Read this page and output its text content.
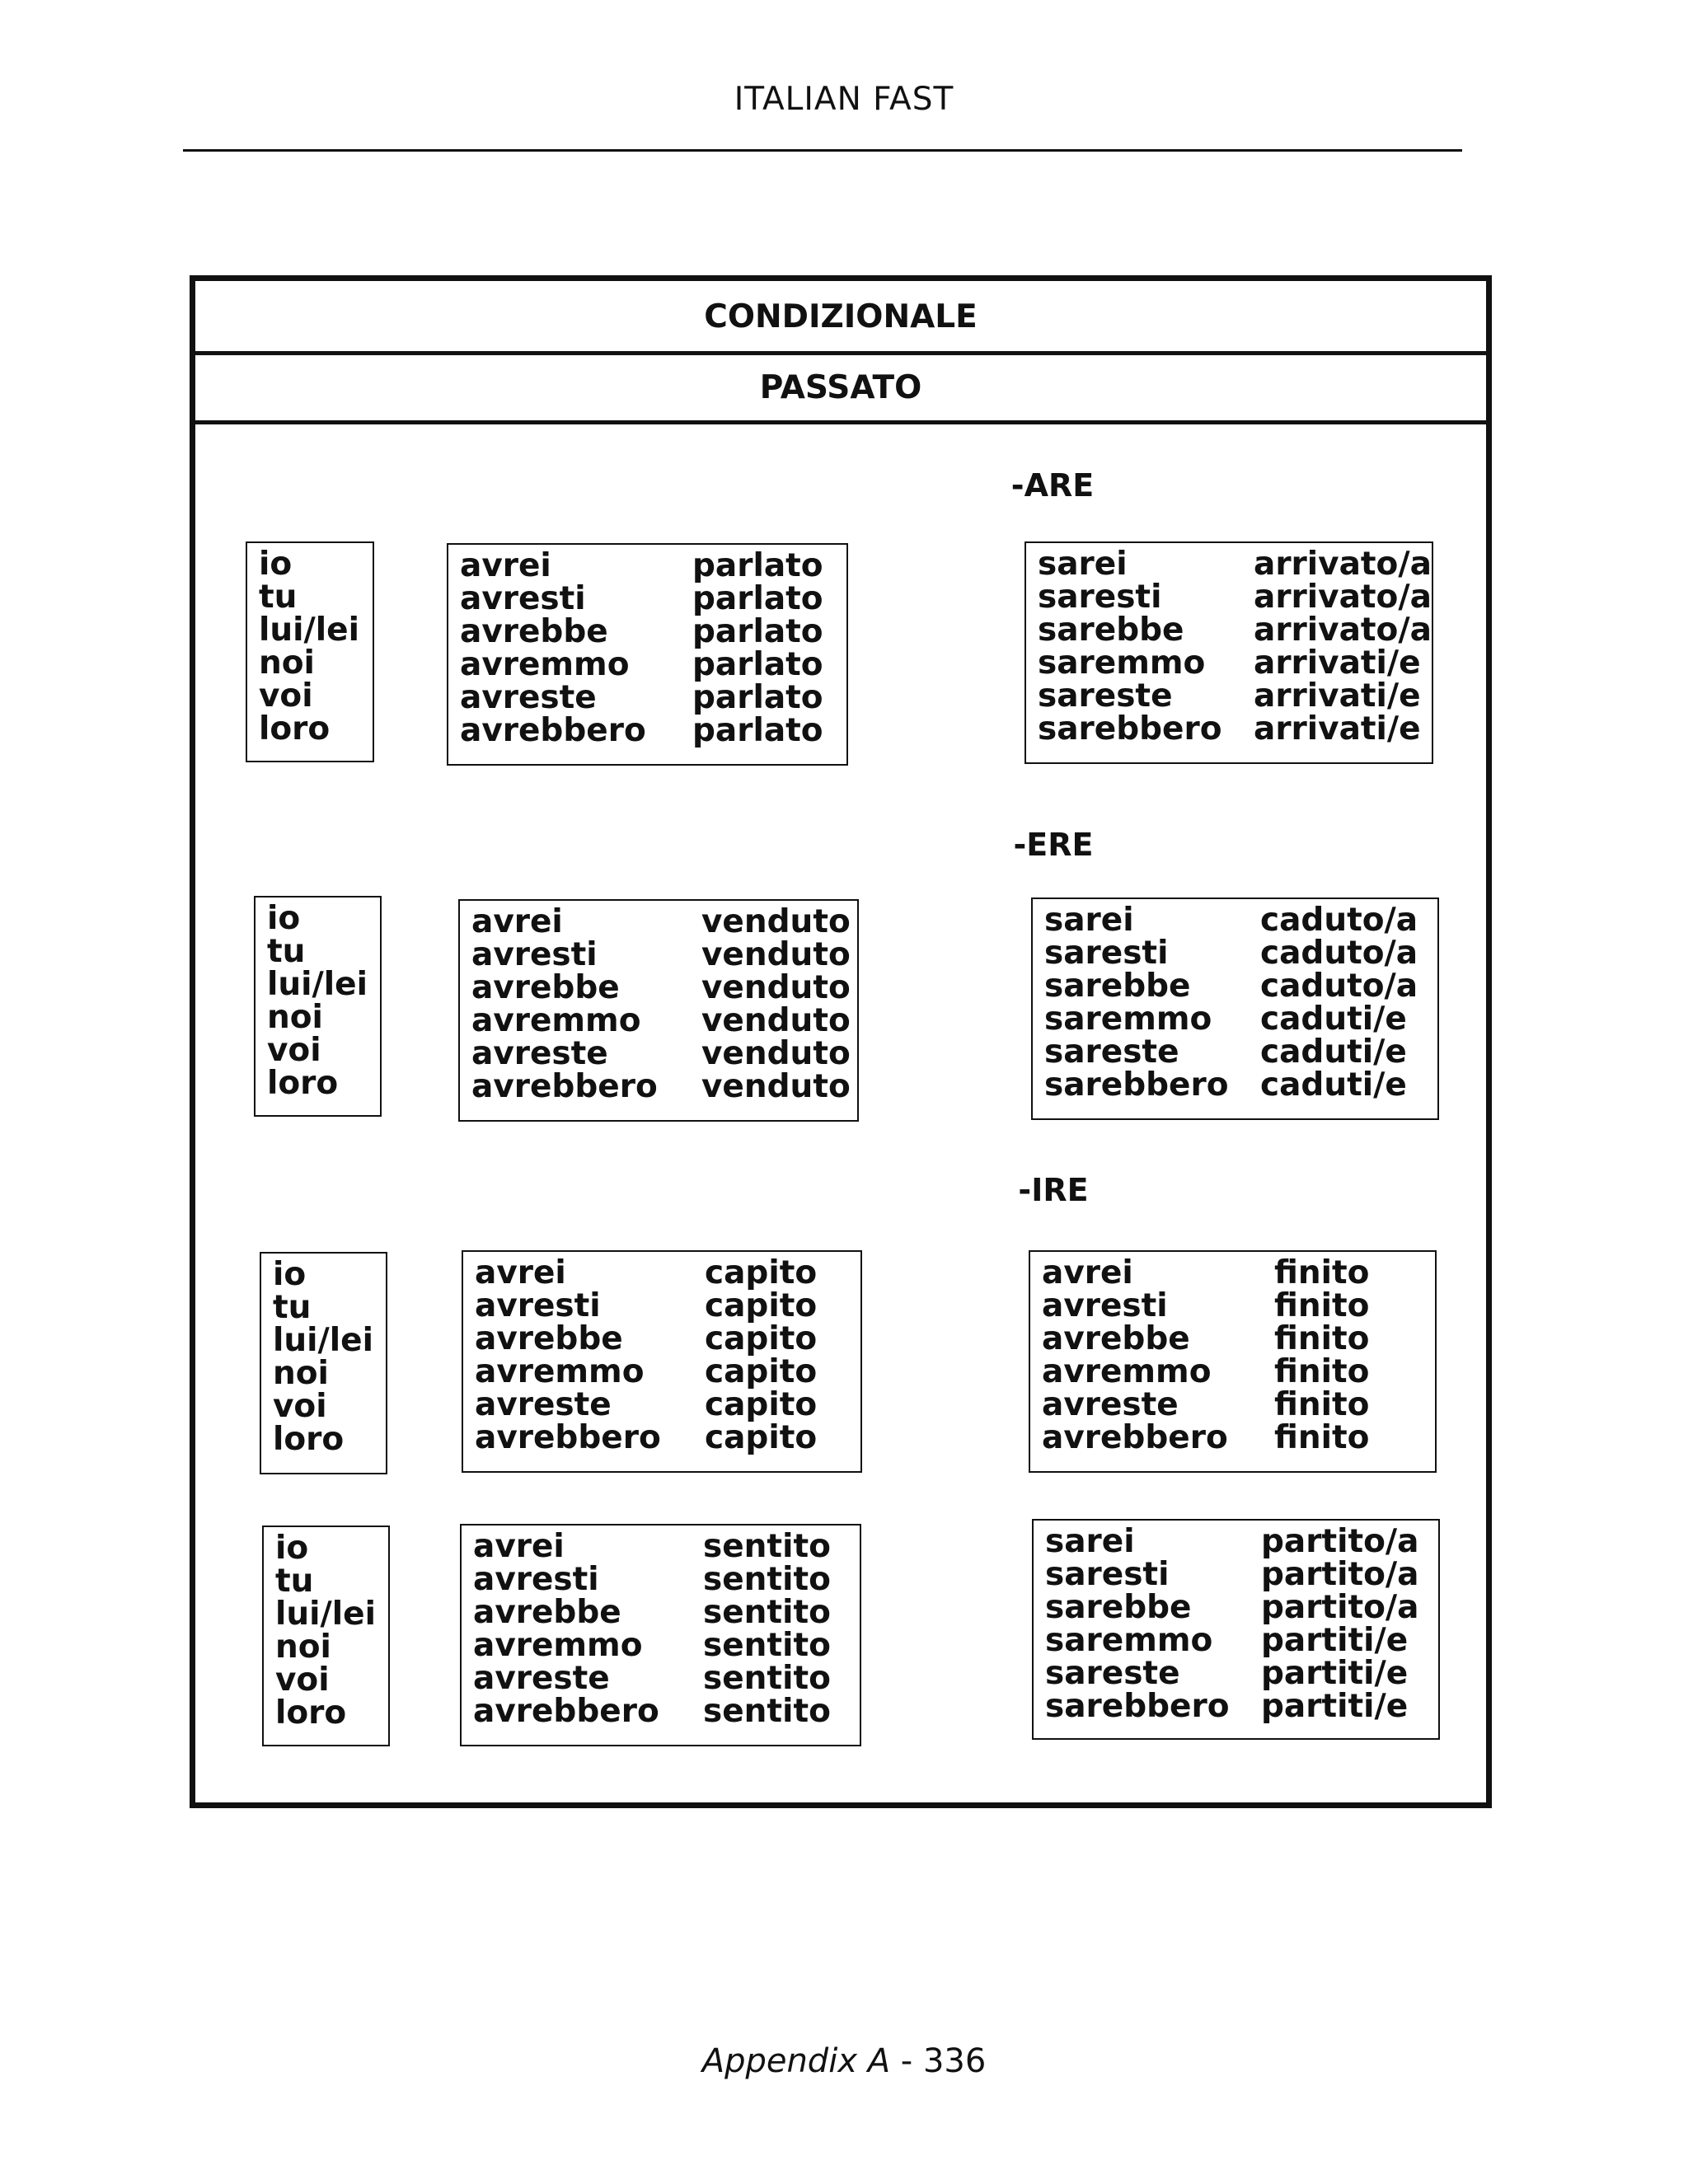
ITALIAN FAST
CONDIZIONALE
PASSATO
-ARE
io
tu
lui/lei
noi
voi
loro
avrei	parlato
avresti	parlato
avrebbe	parlato
avremmo	parlato
avreste	parlato
avrebbero	parlato
sarei	arrivato/a
saresti	arrivato/a
sarebbe	arrivato/a
saremmo	arrivati/e
sareste	arrivati/e
sarebbero arrivati/e
-ERE
io
tu
lui/lei
noi
voi
loro
avrei	venduto
avresti	venduto
avrebbe	venduto
avremmo	venduto
avreste	venduto
avrebbero	venduto
sarei	caduto/a
saresti	caduto/a
sarebbe	caduto/a
saremmo	caduti/e
sareste	caduti/e
sarebbero caduti/e
-IRE
io
tu
lui/lei
noi
voi
loro
avrei	capito
avresti	capito
avrebbe	capito
avremmo	capito
avreste	capito
avrebbero	capito
avrei	finito
avresti	finito
avrebbe	finito
avremmo	finito
avreste	finito
avrebbero	finito
io
tu
lui/lei
noi
voi
loro
avrei	sentito
avresti	sentito
avrebbe	sentito
avremmo	sentito
avreste	sentito
avrebbero	sentito
sarei	partito/a
saresti	partito/a
sarebbe	partito/a
saremmo	partiti/e
sareste	partiti/e
sarebbero partiti/e
Appendix A - 336
